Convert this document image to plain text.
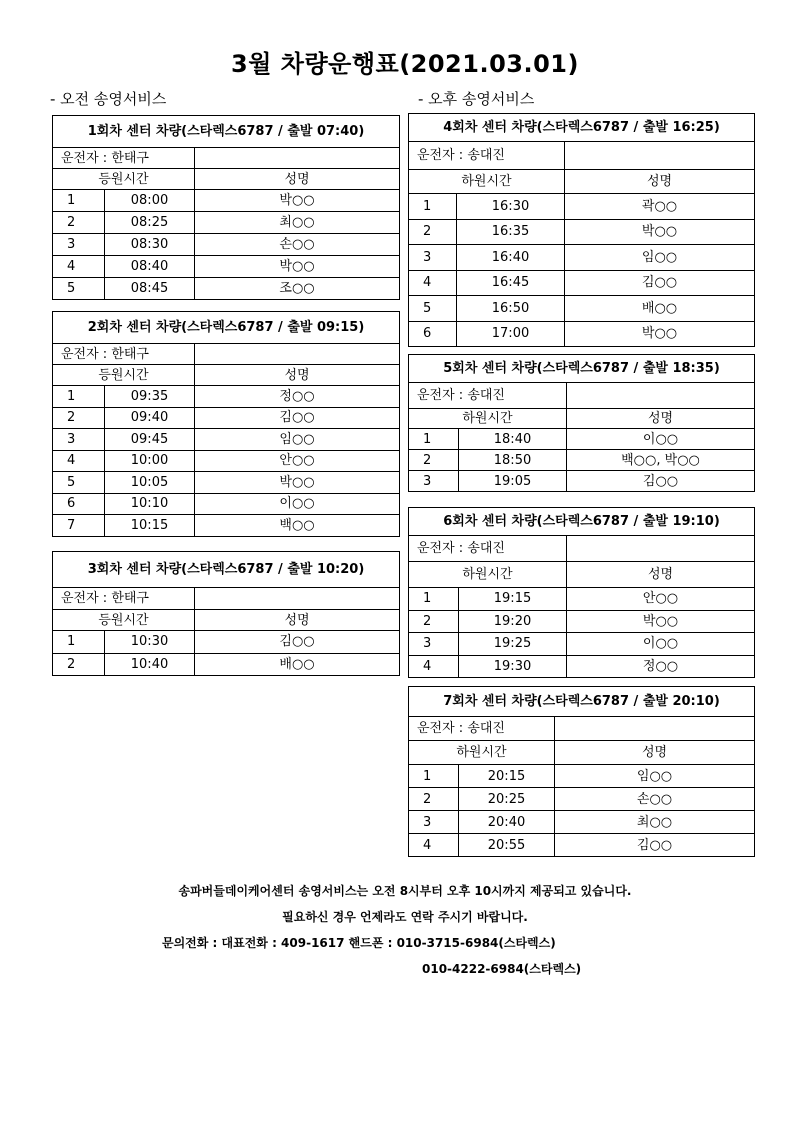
3월 차량운행표(2021.03.01)
- 오전 송영서비스	- 오후 송영서비스
1회차 센터 차량(스타렉스6787 / 출발 07:40)		
운전자 : 한태구		
등원시간		성명
1	08:00	박○○
2	08:25	최○○
3	08:30	손○○
4	08:40	박○○
5	08:45	조○○
2회차 센터 차량(스타렉스6787 / 출발 09:15)		
운전자 : 한태구		
등원시간		성명
1	09:35	정○○
2	09:40	김○○
3	09:45	임○○
4	10:00	안○○
5	10:05	박○○
6	10:10	이○○
7	10:15	백○○
3회차 센터 차량(스타렉스6787 / 출발 10:20)		
운전자 : 한태구		
등원시간		성명
1	10:30	김○○
2	10:40	배○○
4회차 센터 차량(스타렉스6787 / 출발 16:25)		
운전자 : 송대진		
하원시간		성명
1	16:30	곽○○
2	16:35	박○○
3	16:40	임○○
4	16:45	김○○
5	16:50	배○○
6	17:00	박○○
5회차 센터 차량(스타렉스6787 / 출발 18:35)		
운전자 : 송대진		
하원시간		성명
1	18:40	이○○
2	18:50	백○○, 박○○
3	19:05	김○○
6회차 센터 차량(스타렉스6787 / 출발 19:10)		
운전자 : 송대진		
하원시간		성명
1	19:15	안○○
2	19:20	박○○
3	19:25	이○○
4	19:30	정○○
7회차 센터 차량(스타렉스6787 / 출발 20:10)		
운전자 : 송대진		
하원시간		성명
1	20:15	임○○
2	20:25	손○○
3	20:40	최○○
4	20:55	김○○
송파버들데이케어센터 송영서비스는 오전 8시부터 오후 10시까지 제공되고 있습니다.
필요하신 경우 언제라도 연락 주시기 바랍니다.
문의전화 : 대표전화 : 409-1617 핸드폰 : 010-3715-6984(스타렉스)
010-4222-6984(스타렉스)
